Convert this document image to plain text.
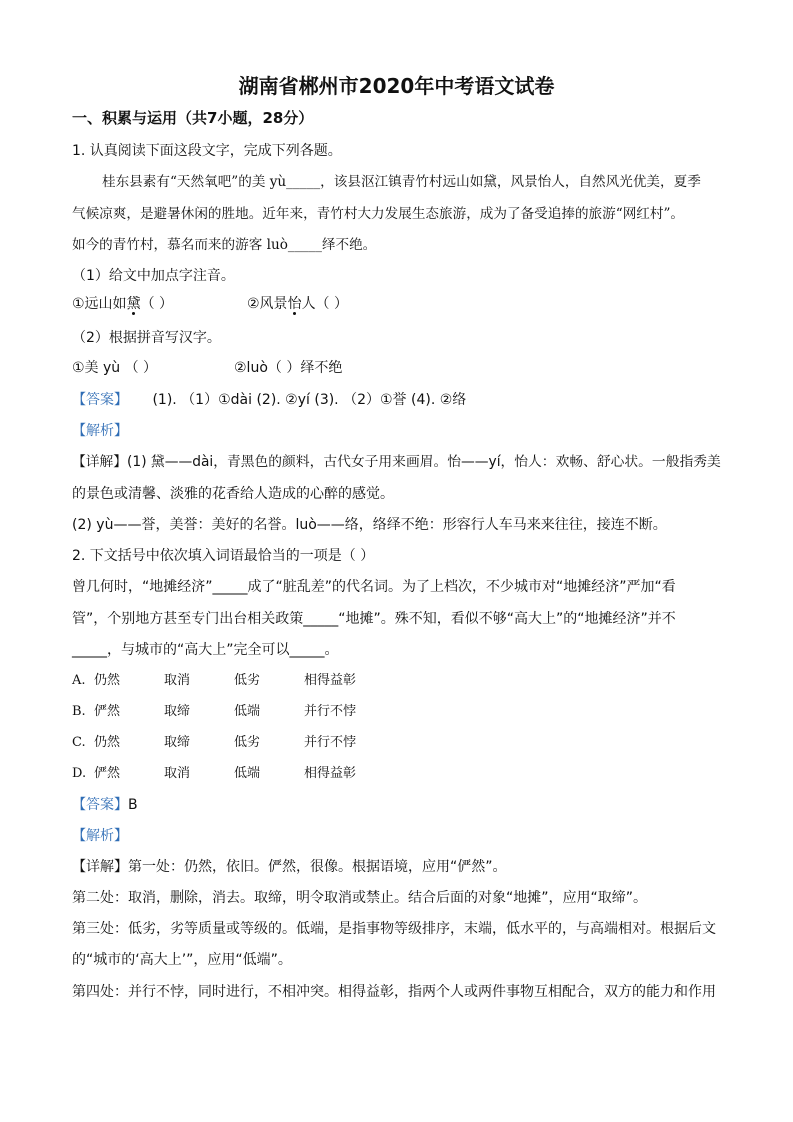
湖南省郴州市2020年中考语文试卷
一、积累与运用（共7小题，28分）
1. 认真阅读下面这段文字，完成下列各题。
桂东县素有“天然氧吧”的美 yù_____，该县沤江镇青竹村远山如黛，风景怡人，自然风光优美，夏季
气候凉爽，是避暑休闲的胜地。近年来，青竹村大力发展生态旅游，成为了备受追捧的旅游“网红村”。
如今的青竹村，慕名而来的游客 luò_____绎不绝。
（1）给文中加点字注音。
①远山如黛（ ）	②风景怡人（ ）
（2）根据拼音写汉字。
①美 yù （ ）	②luò（ ）绎不绝
【答案】 (1). （1）①dài (2). ②yí (3). （2）①誉 (4). ②络
【解析】
【详解】(1) 黛——dài，青黑色的颜料，古代女子用来画眉。怡——yí，怡人：欢畅、舒心状。一般指秀美
的景色或清馨、淡雅的花香给人造成的心醉的感觉。
(2) yù——誉，美誉：美好的名誉。luò——络，络绎不绝：形容行人车马来来往往，接连不断。
2. 下文括号中依次填入词语最恰当的一项是（ ）
曾几何时，“地摊经济”_____成了“脏乱差”的代名词。为了上档次，不少城市对“地摊经济”严加“看
管”，个别地方甚至专门出台相关政策_____“地摊”。殊不知，看似不够“高大上”的“地摊经济”并不
_____，与城市的“高大上”完全可以_____。
A. 仍然	取消	低劣	相得益彰
B. 俨然	取缔	低端	并行不悖
C. 仍然	取缔	低劣	并行不悖
D. 俨然	取消	低端	相得益彰
【答案】B
【解析】
【详解】第一处：仍然，依旧。俨然，很像。根据语境，应用“俨然”。
第二处：取消，删除，消去。取缔，明令取消或禁止。结合后面的对象“地摊”，应用“取缔”。
第三处：低劣，劣等质量或等级的。低端，是指事物等级排序，末端，低水平的，与高端相对。根据后文
的“城市的‘高大上’”，应用“低端”。
第四处：并行不悖，同时进行，不相冲突。相得益彰，指两个人或两件事物互相配合，双方的能力和作用
